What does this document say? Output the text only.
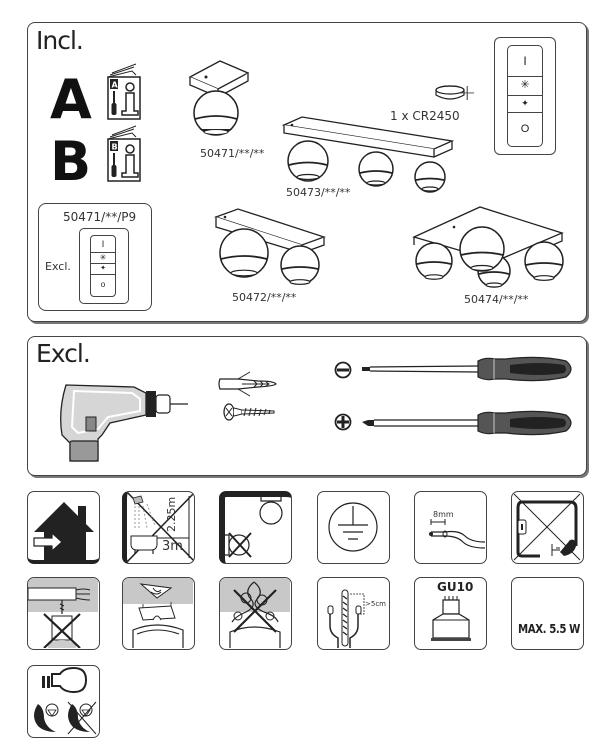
Incl.
A A
B	B
50471/**/P9
Excl.
I
✳
✦
o
50471/**/**
1 x CR2450
+
I
✳
✦
O
50473/**/**
50472/**/**	50474/**/**
Excl.
3m
2.25m	8mm
>5cm
GU10
MAX. 5.5 W
